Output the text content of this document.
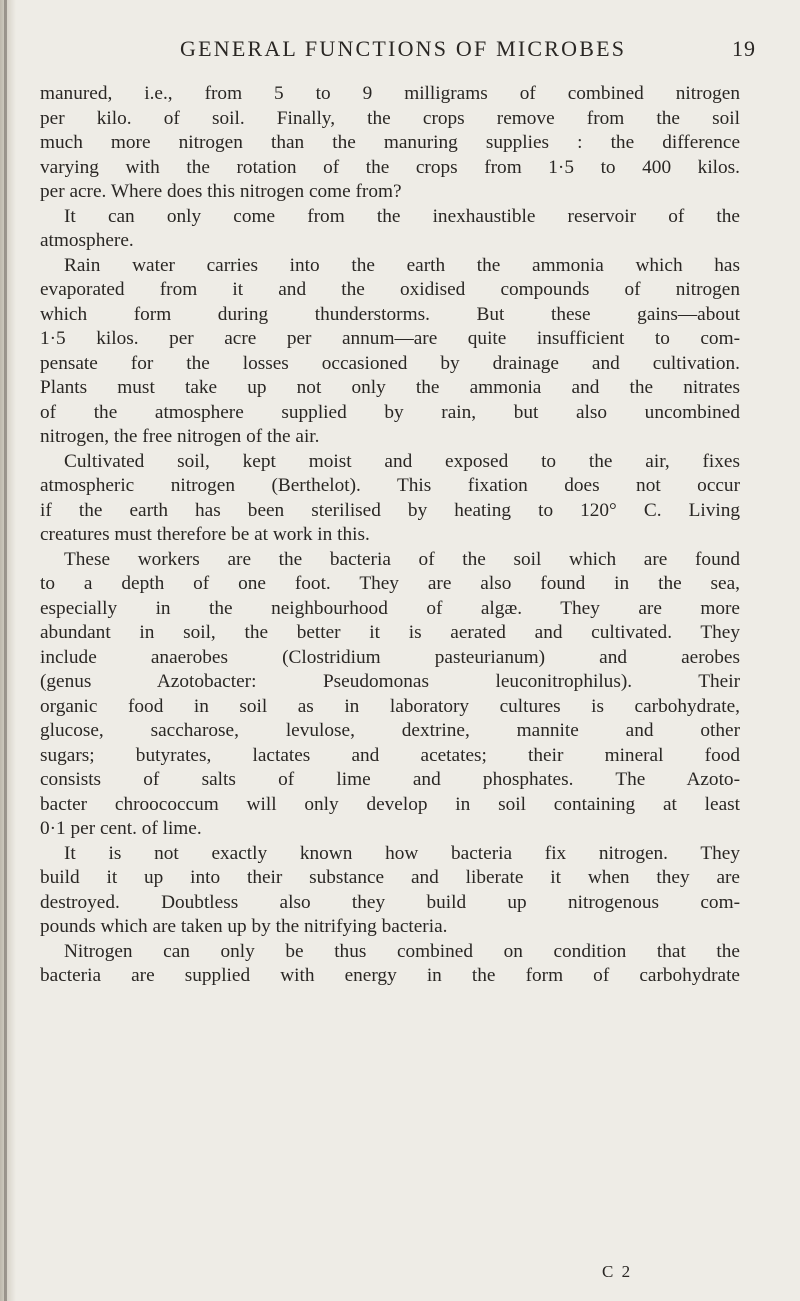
GENERAL FUNCTIONS OF MICROBES	19
manured, i.e., from 5 to 9 milligrams of combined nitrogen
per kilo. of soil. Finally, the crops remove from the soil
much more nitrogen than the manuring supplies : the difference
varying with the rotation of the crops from 1·5 to 400 kilos.
per acre. Where does this nitrogen come from?
It can only come from the inexhaustible reservoir of the
atmosphere.
Rain water carries into the earth the ammonia which has
evaporated from it and the oxidised compounds of nitrogen
which form during thunderstorms. But these gains—about
1·5 kilos. per acre per annum—are quite insufficient to com-
pensate for the losses occasioned by drainage and cultivation.
Plants must take up not only the ammonia and the nitrates
of the atmosphere supplied by rain, but also uncombined
nitrogen, the free nitrogen of the air.
Cultivated soil, kept moist and exposed to the air, fixes
atmospheric nitrogen (Berthelot). This fixation does not occur
if the earth has been sterilised by heating to 120° C. Living
creatures must therefore be at work in this.
These workers are the bacteria of the soil which are found
to a depth of one foot. They are also found in the sea,
especially in the neighbourhood of algæ. They are more
abundant in soil, the better it is aerated and cultivated. They
include anaerobes (Clostridium pasteurianum) and aerobes
(genus Azotobacter: Pseudomonas leuconitrophilus). Their
organic food in soil as in laboratory cultures is carbohydrate,
glucose, saccharose, levulose, dextrine, mannite and other
sugars; butyrates, lactates and acetates; their mineral food
consists of salts of lime and phosphates. The Azoto-
bacter chroococcum will only develop in soil containing at least
0·1 per cent. of lime.
It is not exactly known how bacteria fix nitrogen. They
build it up into their substance and liberate it when they are
destroyed. Doubtless also they build up nitrogenous com-
pounds which are taken up by the nitrifying bacteria.
Nitrogen can only be thus combined on condition that the
bacteria are supplied with energy in the form of carbohydrate
C 2
